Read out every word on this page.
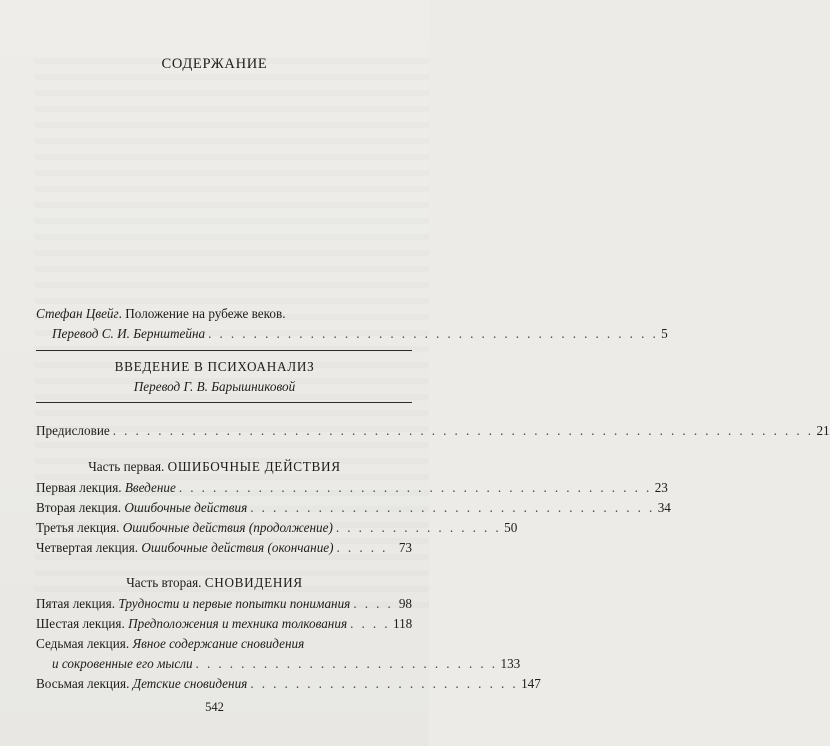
СОДЕРЖАНИЕ
Стефан Цвейг. Положение на рубеже веков.
Перевод С. И. Бернштейна . . . . . . . . . . . . . . . . . . . . . . . . . . . . . . . . . . . . . . . . 5
ВВЕДЕНИЕ В ПСИХОАНАЛИЗ
Перевод Г. В. Барышниковой
Предисловие . . . . . . . . . . . . . . . . . . . . . . . . . . . . . . . . . . . . . . . . . . . . . . . . . . . . . . . . . . . . . . 21
Часть первая. ОШИБОЧНЫЕ ДЕЙСТВИЯ
Первая лекция. Введение . . . . . . . . . . . . . . . . . . . . . . . . . . . . . . . . . . . . . . . . . . 23
Вторая лекция. Ошибочные действия . . . . . . . . . . . . . . . . . . . . . . . . . . . . . . . . . . . . 34
Третья лекция. Ошибочные действия (продолжение) . . . . . . . . . . . . . . . 50
Четвертая лекция. Ошибочные действия (окончание) . . . . . 73
Часть вторая. СНОВИДЕНИЯ
Пятая лекция. Трудности и первые попытки понимания . . . . 98
Шестая лекция. Предположения и техника толкования . . . . 118
Седьмая лекция. Явное содержание сновидения
и сокровенные его мысли . . . . . . . . . . . . . . . . . . . . . . . . . . . 133
Восьмая лекция. Детские сновидения . . . . . . . . . . . . . . . . . . . . . . . . 147
542
